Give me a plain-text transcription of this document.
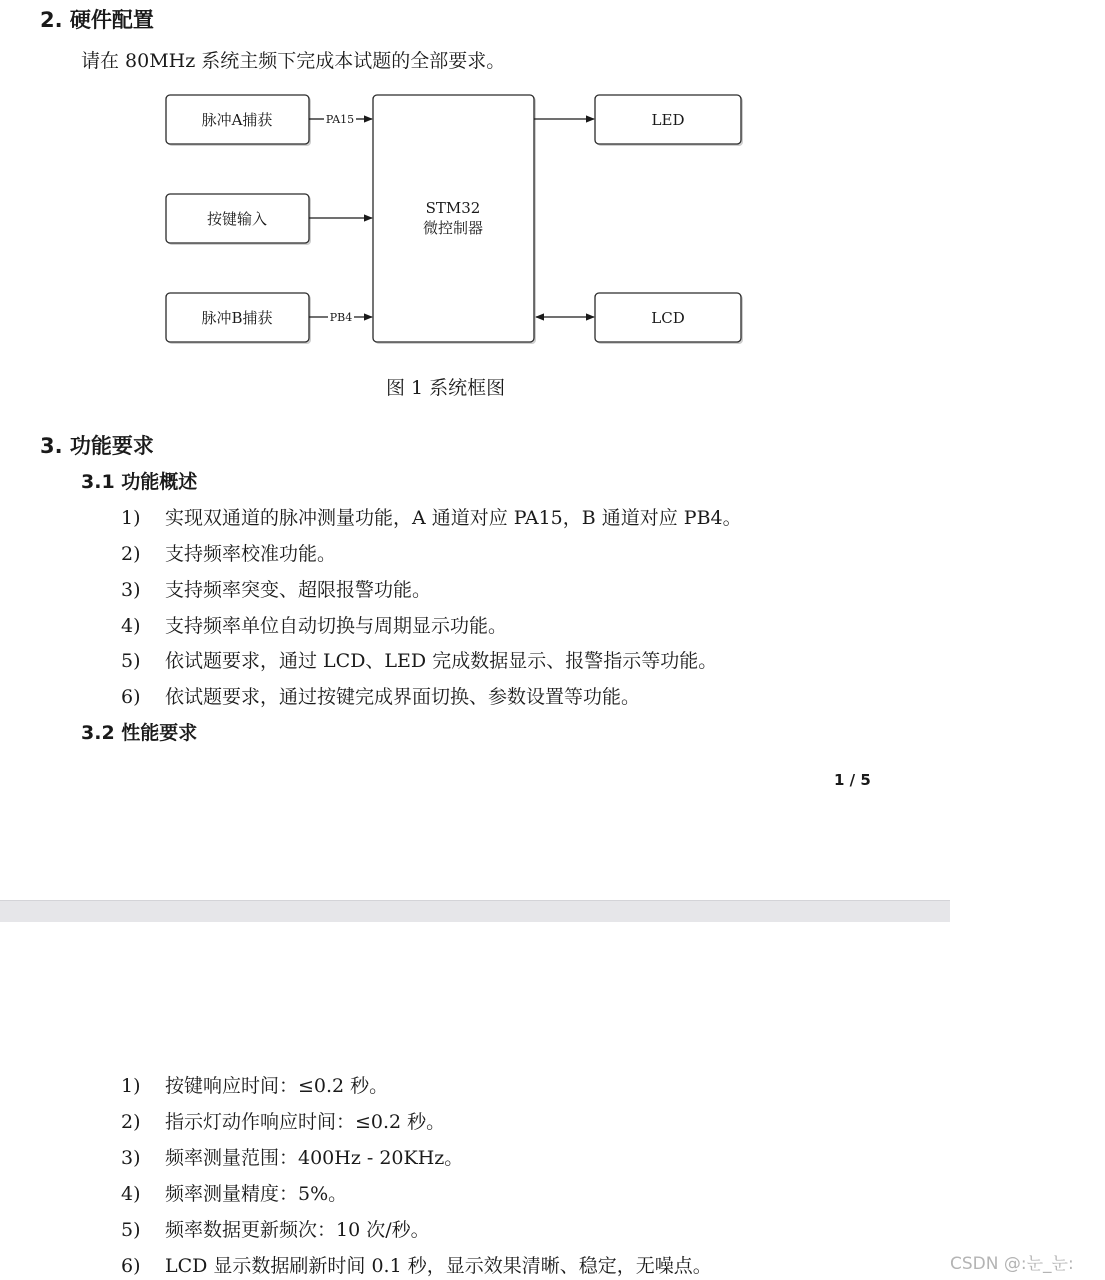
2. 硬件配置
请在 80MHz 系统主频下完成本试题的全部要求。
脉冲A捕获
按键输入
脉冲B捕获
STM32
微控制器
LED
LCD
PA15
PB4
图 1 系统框图
3. 功能要求
3.1 功能概述
1) 实现双通道的脉冲测量功能，A 通道对应 PA15，B 通道对应 PB4。
2) 支持频率校准功能。
3) 支持频率突变、超限报警功能。
4) 支持频率单位自动切换与周期显示功能。
5) 依试题要求，通过 LCD、LED 完成数据显示、报警指示等功能。
6) 依试题要求，通过按键完成界面切换、参数设置等功能。
3.2 性能要求
1 / 5
1) 按键响应时间：≤0.2 秒。
2) 指示灯动作响应时间：≤0.2 秒。
3) 频率测量范围：400Hz - 20KHz。
4) 频率测量精度：5%。
5) 频率数据更新频次：10 次/秒。
6) LCD 显示数据刷新时间 0.1 秒，显示效果清晰、稳定，无噪点。	CSDN @:눈_눈:
